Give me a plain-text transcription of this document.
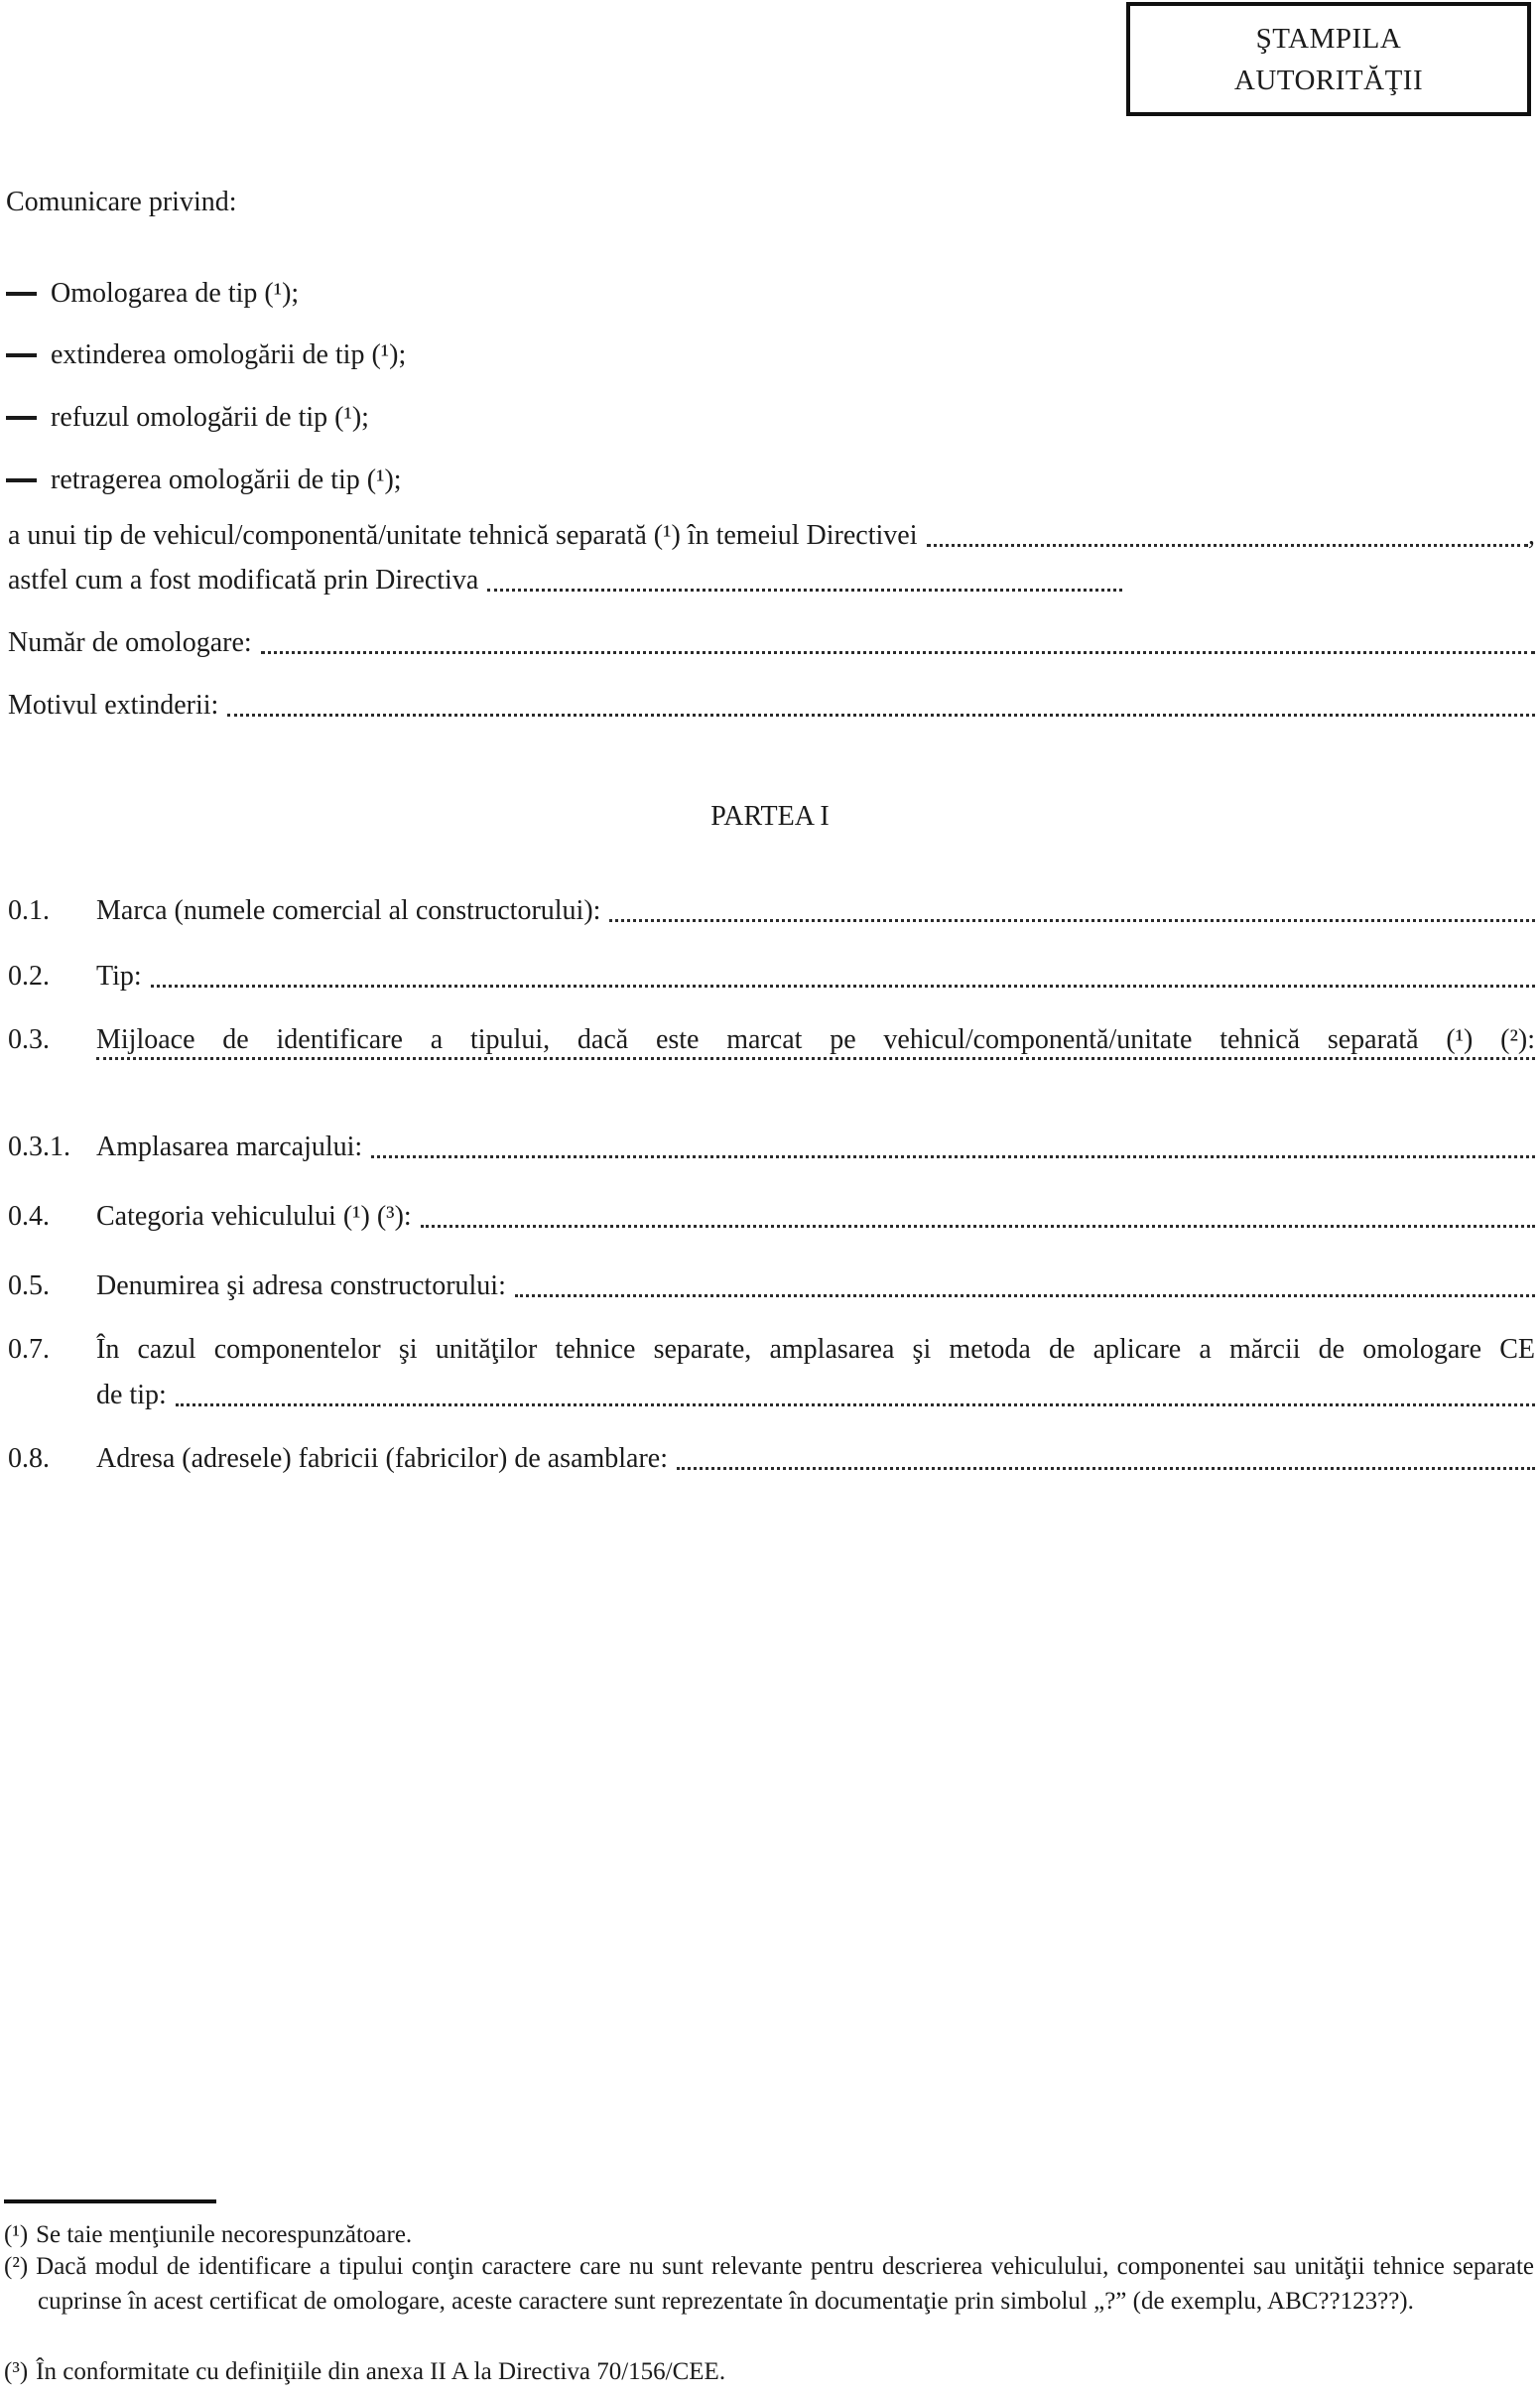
ŞTAMPILA
AUTORITĂŢII
Comunicare privind:
Omologarea de tip (¹);
extinderea omologării de tip (¹);
refuzul omologării de tip (¹);
retragerea omologării de tip (¹);
a unui tip de vehicul/componentă/unitate tehnică separată (¹) în temeiul Directivei	,
astfel cum a fost modificată prin Directiva
Număr de omologare:
Motivul extinderii:
PARTEA I
0.1.	Marca (numele comercial al constructorului):
0.2.	Tip:
0.3.	Mijloace de identificare a tipului, dacă este marcat pe vehicul/componentă/unitate tehnică separată (¹) (²):
0.3.1. Amplasarea marcajului:
0.4.	Categoria vehiculului (¹) (³):
0.5.	Denumirea şi adresa constructorului:
0.7.	În cazul componentelor şi unităţilor tehnice separate, amplasarea şi metoda de aplicare a mărcii de omologare CE
de tip:
0.8.	Adresa (adresele) fabricii (fabricilor) de asamblare:
(¹) Se taie menţiunile necorespunzătoare.
(²) Dacă modul de identificare a tipului conţin caractere care nu sunt relevante pentru descrierea vehiculului, componentei sau unităţii tehnice separate cuprinse în acest certificat de omologare, aceste caractere sunt reprezentate în documentaţie prin simbolul „?” (de exemplu, ABC??123??).
(³) În conformitate cu definiţiile din anexa II A la Directiva 70/156/CEE.
